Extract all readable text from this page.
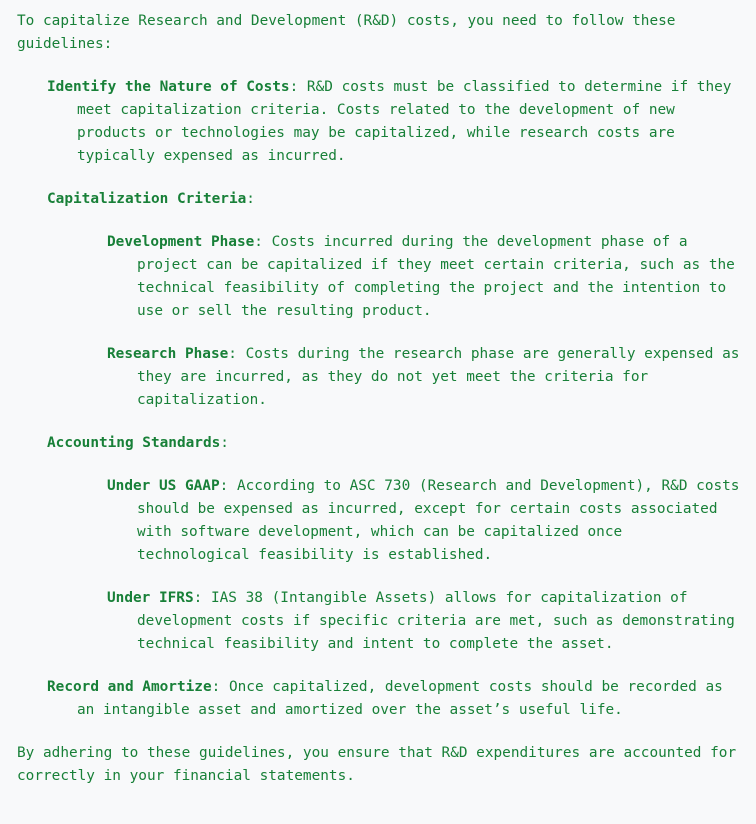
To capitalize Research and Development (R&D) costs, you need to follow these guidelines:

Identify the Nature of Costs: R&D costs must be classified to determine if they meet capitalization criteria. Costs related to the development of new products or technologies may be capitalized, while research costs are typically expensed as incurred.

Capitalization Criteria:

Development Phase: Costs incurred during the development phase of a project can be capitalized if they meet certain criteria, such as the technical feasibility of completing the project and the intention to use or sell the resulting product.

Research Phase: Costs during the research phase are generally expensed as they are incurred, as they do not yet meet the criteria for capitalization.

Accounting Standards:

Under US GAAP: According to ASC 730 (Research and Development), R&D costs should be expensed as incurred, except for certain costs associated with software development, which can be capitalized once technological feasibility is established.

Under IFRS: IAS 38 (Intangible Assets) allows for capitalization of development costs if specific criteria are met, such as demonstrating technical feasibility and intent to complete the asset.

Record and Amortize: Once capitalized, development costs should be recorded as an intangible asset and amortized over the asset’s useful life.

By adhering to these guidelines, you ensure that R&D expenditures are accounted for correctly in your financial statements.
